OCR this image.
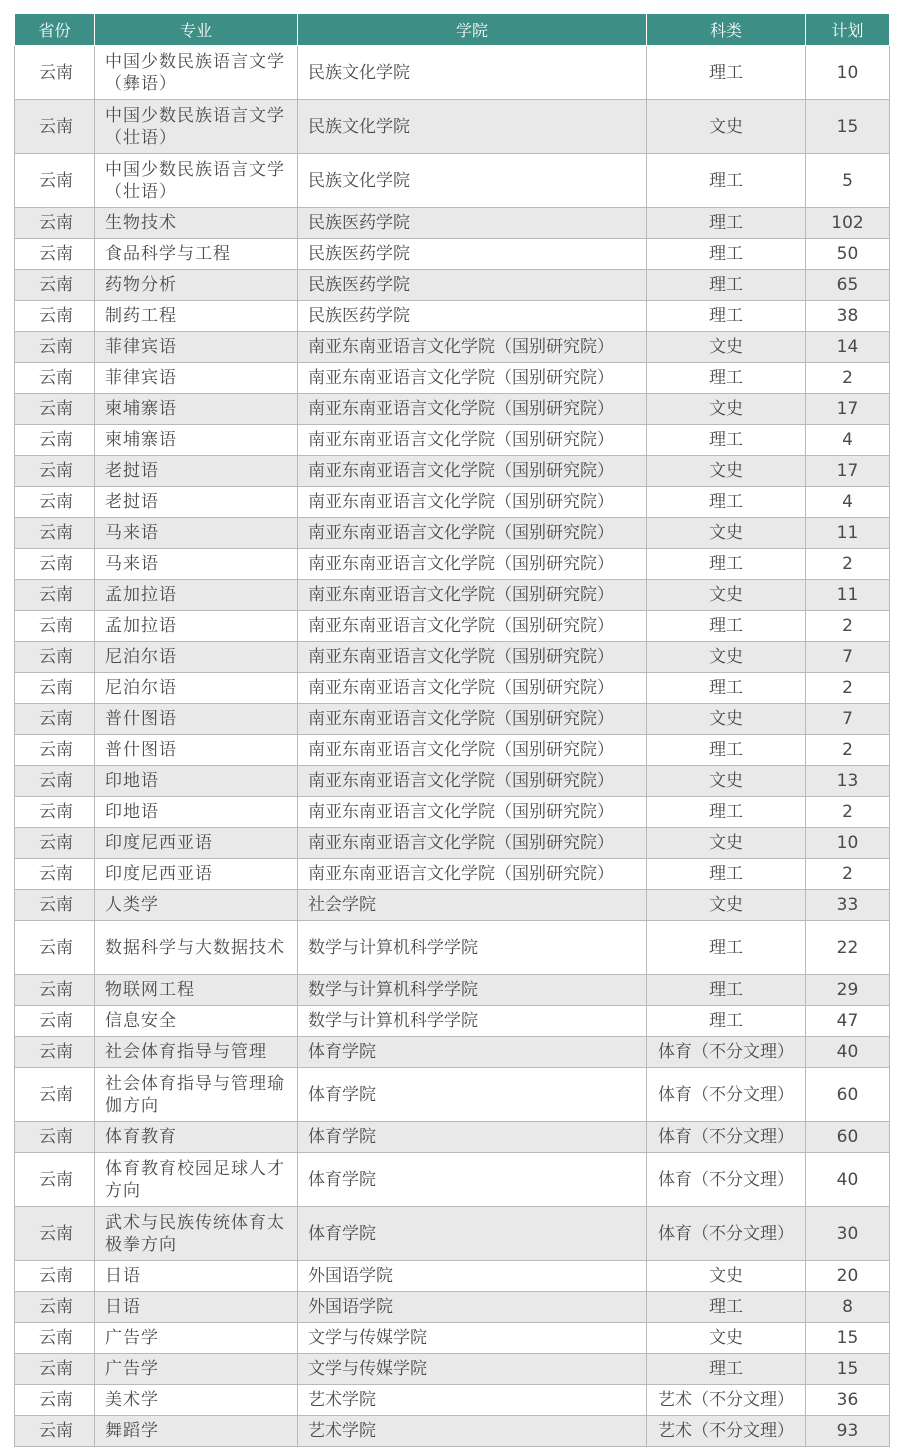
省份	专业	学院	科类	计划
云南	中国少数民族语言文学（彝语）	民族文化学院	理工	10
云南	中国少数民族语言文学（壮语）	民族文化学院	文史	15
云南	中国少数民族语言文学（壮语）	民族文化学院	理工	5
云南	生物技术	民族医药学院	理工	102
云南	食品科学与工程	民族医药学院	理工	50
云南	药物分析	民族医药学院	理工	65
云南	制药工程	民族医药学院	理工	38
云南	菲律宾语	南亚东南亚语言文化学院（国别研究院）	文史	14
云南	菲律宾语	南亚东南亚语言文化学院（国别研究院）	理工	2
云南	柬埔寨语	南亚东南亚语言文化学院（国别研究院）	文史	17
云南	柬埔寨语	南亚东南亚语言文化学院（国别研究院）	理工	4
云南	老挝语	南亚东南亚语言文化学院（国别研究院）	文史	17
云南	老挝语	南亚东南亚语言文化学院（国别研究院）	理工	4
云南	马来语	南亚东南亚语言文化学院（国别研究院）	文史	11
云南	马来语	南亚东南亚语言文化学院（国别研究院）	理工	2
云南	孟加拉语	南亚东南亚语言文化学院（国别研究院）	文史	11
云南	孟加拉语	南亚东南亚语言文化学院（国别研究院）	理工	2
云南	尼泊尔语	南亚东南亚语言文化学院（国别研究院）	文史	7
云南	尼泊尔语	南亚东南亚语言文化学院（国别研究院）	理工	2
云南	普什图语	南亚东南亚语言文化学院（国别研究院）	文史	7
云南	普什图语	南亚东南亚语言文化学院（国别研究院）	理工	2
云南	印地语	南亚东南亚语言文化学院（国别研究院）	文史	13
云南	印地语	南亚东南亚语言文化学院（国别研究院）	理工	2
云南	印度尼西亚语	南亚东南亚语言文化学院（国别研究院）	文史	10
云南	印度尼西亚语	南亚东南亚语言文化学院（国别研究院）	理工	2
云南	人类学	社会学院	文史	33
云南	数据科学与大数据技术	数学与计算机科学学院	理工	22
云南	物联网工程	数学与计算机科学学院	理工	29
云南	信息安全	数学与计算机科学学院	理工	47
云南	社会体育指导与管理	体育学院	体育（不分文理）	40
云南	社会体育指导与管理瑜伽方向	体育学院	体育（不分文理）	60
云南	体育教育	体育学院	体育（不分文理）	60
云南	体育教育校园足球人才方向	体育学院	体育（不分文理）	40
云南	武术与民族传统体育太极拳方向	体育学院	体育（不分文理）	30
云南	日语	外国语学院	文史	20
云南	日语	外国语学院	理工	8
云南	广告学	文学与传媒学院	文史	15
云南	广告学	文学与传媒学院	理工	15
云南	美术学	艺术学院	艺术（不分文理）	36
云南	舞蹈学	艺术学院	艺术（不分文理）	93
